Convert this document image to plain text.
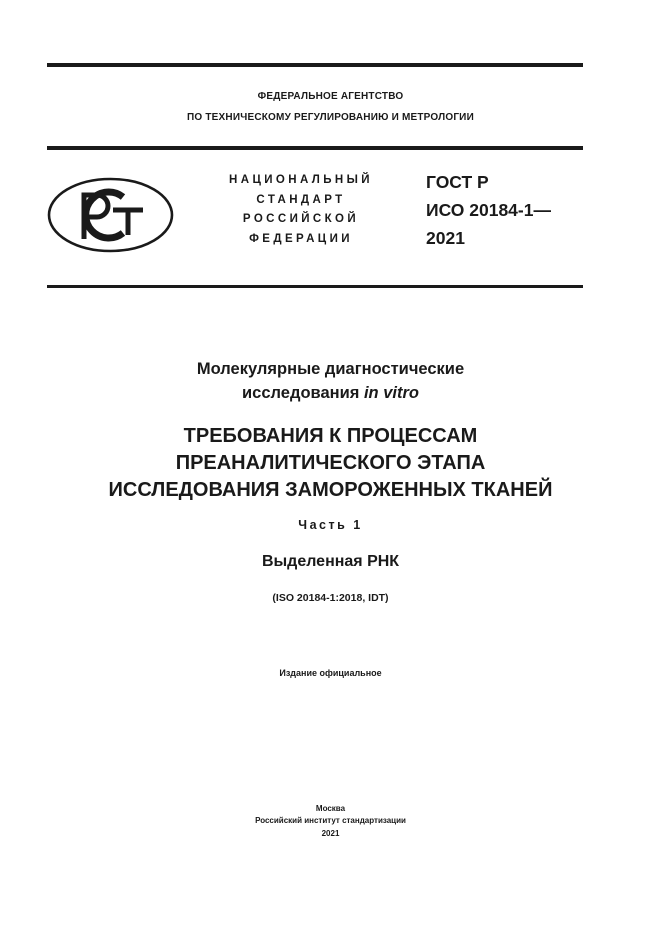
ФЕДЕРАЛЬНОЕ АГЕНТСТВО
ПО ТЕХНИЧЕСКОМУ РЕГУЛИРОВАНИЮ И МЕТРОЛОГИИ
НАЦИОНАЛЬНЫЙ
СТАНДАРТ
РОССИЙСКОЙ
ФЕДЕРАЦИИ
ГОСТ Р
ИСО 20184-1—
2021
Молекулярные диагностические
исследования in vitro
ТРЕБОВАНИЯ К ПРОЦЕССАМ
ПРЕАНАЛИТИЧЕСКОГО ЭТАПА
ИССЛЕДОВАНИЯ ЗАМОРОЖЕННЫХ ТКАНЕЙ
Часть 1
Выделенная РНК
(ISO 20184-1:2018, IDT)
Издание официальное
Москва
Российский институт стандартизации
2021
